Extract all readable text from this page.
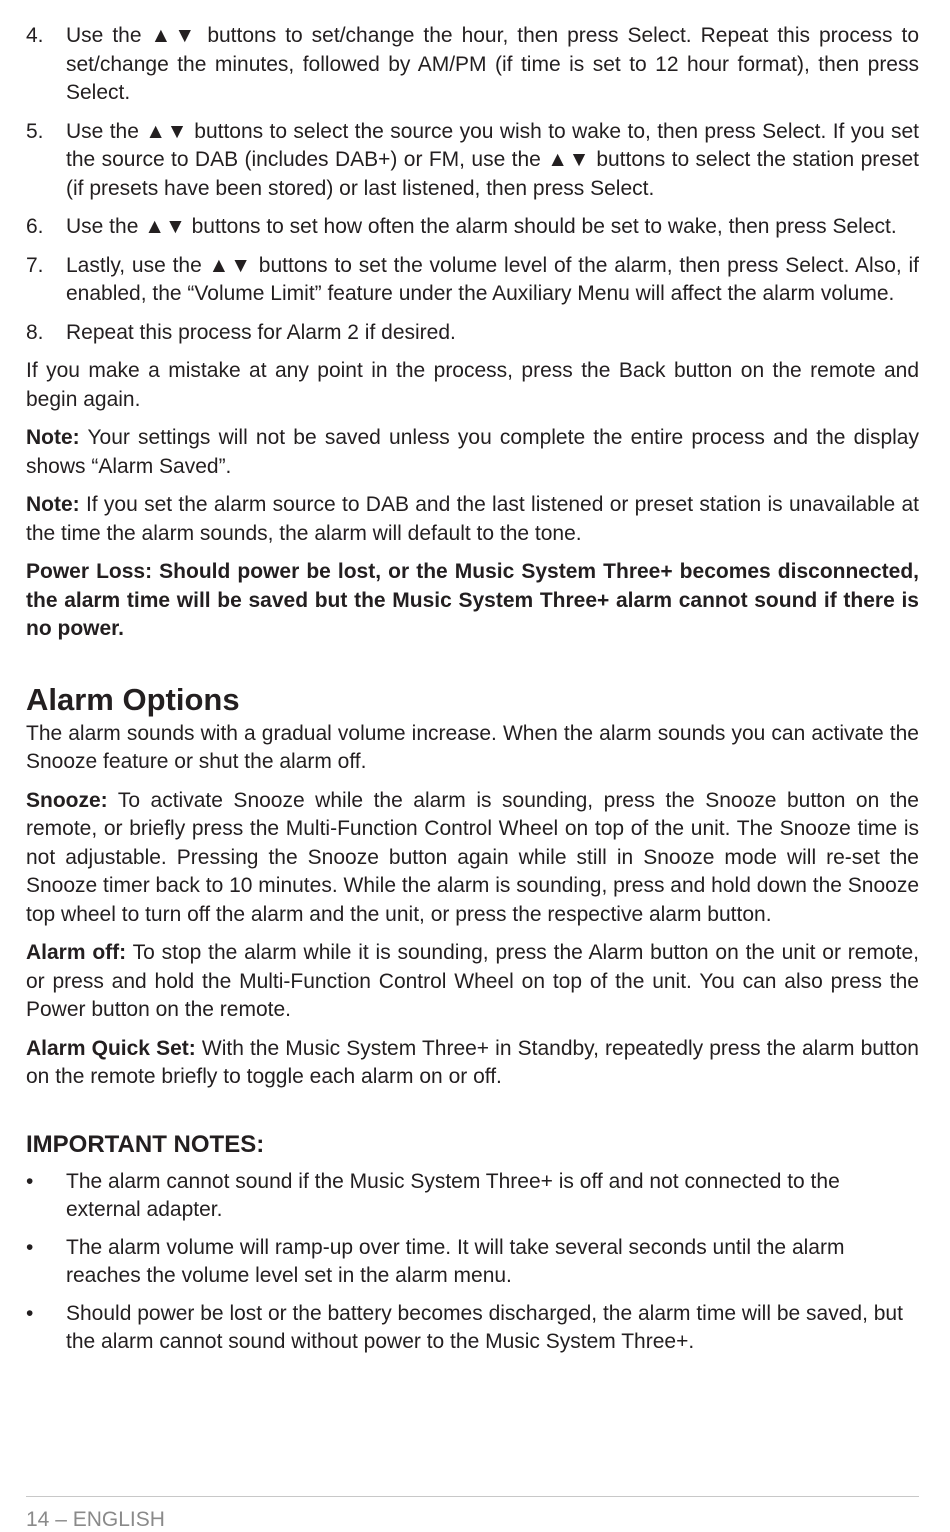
4.	Use the ▲▼ buttons to set/change the hour, then press Select. Repeat this process to set/change the minutes, followed by AM/PM (if time is set to 12 hour format), then press Select.
5.	Use the ▲▼ buttons to select the source you wish to wake to, then press Select. If you set the source to DAB (includes DAB+) or FM, use the ▲▼ buttons to select the station preset (if presets have been stored) or last listened, then press Select.
6.	Use the ▲▼ buttons to set how often the alarm should be set to wake, then press Select.
7.	Lastly, use the ▲▼ buttons to set the volume level of the alarm, then press Select. Also, if enabled, the “Volume Limit” feature under the Auxiliary Menu will affect the alarm volume.
8.	Repeat this process for Alarm 2 if desired.

If you make a mistake at any point in the process, press the Back button on the remote and begin again.

Note: Your settings will not be saved unless you complete the entire process and the display shows “Alarm Saved”.

Note: If you set the alarm source to DAB and the last listened or preset station is unavailable at the time the alarm sounds, the alarm will default to the tone.

Power Loss: Should power be lost, or the Music System Three+ becomes disconnected, the alarm time will be saved but the Music System Three+ alarm cannot sound if there is no power.

Alarm Options

The alarm sounds with a gradual volume increase. When the alarm sounds you can activate the Snooze feature or shut the alarm off.

Snooze: To activate Snooze while the alarm is sounding, press the Snooze button on the remote, or briefly press the Multi-Function Control Wheel on top of the unit. The Snooze time is not adjustable. Pressing the Snooze button again while still in Snooze mode will re-set the Snooze timer back to 10 minutes. While the alarm is sounding, press and hold down the Snooze top wheel to turn off the alarm and the unit, or press the respective alarm button.

Alarm off: To stop the alarm while it is sounding, press the Alarm button on the unit or remote, or press and hold the Multi-Function Control Wheel on top of the unit. You can also press the Power button on the remote.

Alarm Quick Set: With the Music System Three+ in Standby, repeatedly press the alarm button on the remote briefly to toggle each alarm on or off.

IMPORTANT NOTES:
•	The alarm cannot sound if the Music System Three+ is off and not connected to the external adapter.
•	The alarm volume will ramp-up over time. It will take several seconds until the alarm reaches the volume level set in the alarm menu.
•	Should power be lost or the battery becomes discharged, the alarm time will be saved, but the alarm cannot sound without power to the Music System Three+.
14 – ENGLISH
